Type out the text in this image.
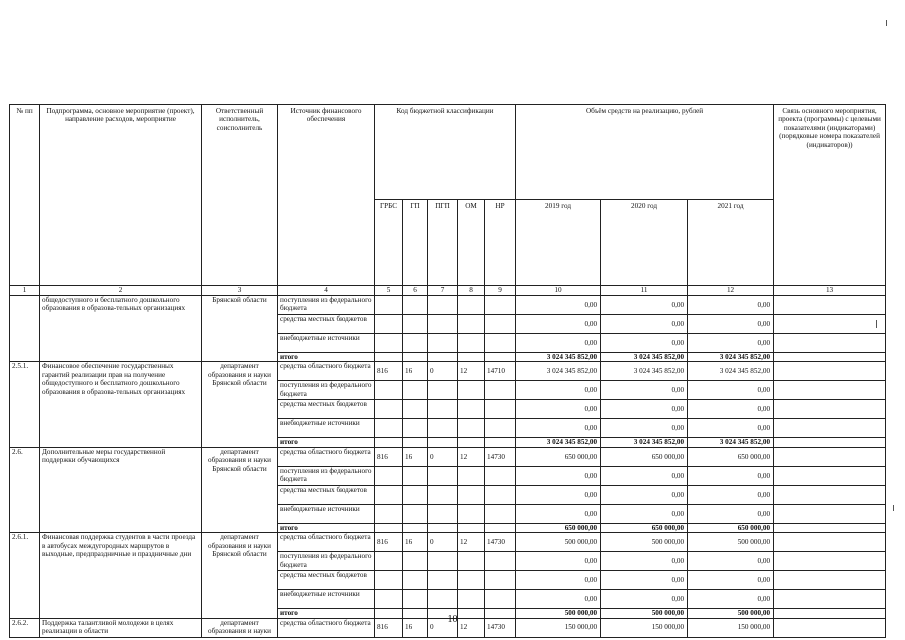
№ пп	Подпрограмма, основное мероприятие (проект), направление расходов, мероприятие	Ответственный исполнитель, соисполнитель	Источник финансового обеспечения	Код бюджетной классификации					Объём средств на реализацию, рублей			Связь основного мероприятия, проекта (программы) с целевыми показателями (индикаторами) (порядковые номера показателей (индикаторов))
				ГРБС	ГП	ПГП	ОМ	НР	2019 год	2020 год	2021 год	
1	2	3	4	5	6	7	8	9	10	11	12	13
	общедоступного и бесплатного дошкольного образования в образова-тельных организациях	Брянской области	поступления из федерального бюджета						0,00	0,00	0,00	
			средства местных бюджетов						0,00	0,00	0,00	
			внебюджетные источники						0,00	0,00	0,00	
			итого						3 024 345 852,00	3 024 345 852,00	3 024 345 852,00	
2.5.1.	Финансовое обеспечение государственных гарантий реализации прав на получение общедоступного и бесплатного дошкольного образования в образова-тельных организациях	департамент образования и науки Брянской области	средства областного бюджета	816	16	0	12	14710	3 024 345 852,00	3 024 345 852,00	3 024 345 852,00	
			поступления из федерального бюджета						0,00	0,00	0,00	
			средства местных бюджетов						0,00	0,00	0,00	
			внебюджетные источники						0,00	0,00	0,00	
			итого						3 024 345 852,00	3 024 345 852,00	3 024 345 852,00	
2.6.	Дополнительные меры государственной поддержки обучающихся	департамент образования и науки Брянской области	средства областного бюджета	816	16	0	12	14730	650 000,00	650 000,00	650 000,00	
			поступления из федерального бюджета						0,00	0,00	0,00	
			средства местных бюджетов						0,00	0,00	0,00	
			внебюджетные источники						0,00	0,00	0,00	
			итого						650 000,00	650 000,00	650 000,00	
2.6.1.	Финансовая поддержка студентов в части проезда в автобусах междугородных маршрутов в выходные, предпраздничные и праздничные дни	департамент образования и науки Брянской области	средства областного бюджета	816	16	0	12	14730	500 000,00	500 000,00	500 000,00	
			поступления из федерального бюджета						0,00	0,00	0,00	
			средства местных бюджетов						0,00	0,00	0,00	
			внебюджетные источники						0,00	0,00	0,00	
			итого						500 000,00	500 000,00	500 000,00	
2.6.2.	Поддержка талантливой молодежи в целях реализации в области	департамент образования и науки	средства областного бюджета	816	16	0	12	14730	150 000,00	150 000,00	150 000,00	
10
